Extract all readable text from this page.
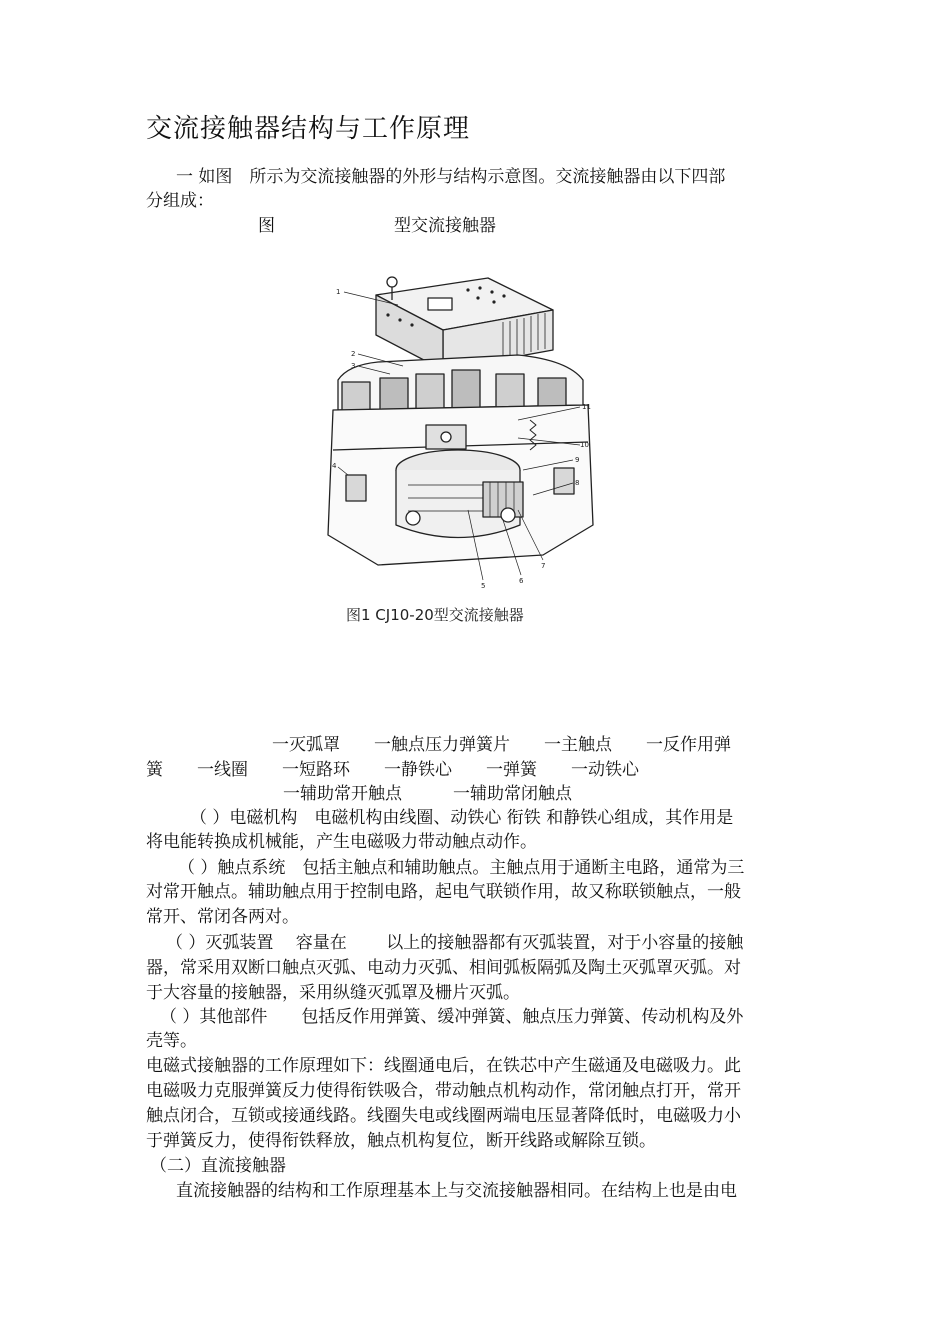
交流接触器结构与工作原理
一 如图　所示为交流接触器的外形与结构示意图。交流接触器由以下四部
分组成：
图	型交流接触器
1
2
3
4
5
6
7
8
9
10
11
图1 CJ10-20型交流接触器
一灭弧罩　　一触点压力弹簧片　　一主触点　　一反作用弹
簧　　一线圈　　一短路环　　一静铁心　　一弹簧　　一动铁心
一辅助常开触点　　　一辅助常闭触点
（ ）电磁机构　电磁机构由线圈、动铁心 衔铁 和静铁心组成，其作用是
将电能转换成机械能，产生电磁吸力带动触点动作。
（ ）触点系统　包括主触点和辅助触点。主触点用于通断主电路，通常为三
对常开触点。辅助触点用于控制电路，起电气联锁作用，故又称联锁触点，一般
常开、常闭各两对。
（ ）灭弧装置　 容量在　　 以上的接触器都有灭弧装置，对于小容量的接触
器，常采用双断口触点灭弧、电动力灭弧、相间弧板隔弧及陶土灭弧罩灭弧。对
于大容量的接触器，采用纵缝灭弧罩及栅片灭弧。
（ ）其他部件　　包括反作用弹簧、缓冲弹簧、触点压力弹簧、传动机构及外
壳等。
电磁式接触器的工作原理如下：线圈通电后，在铁芯中产生磁通及电磁吸力。此
电磁吸力克服弹簧反力使得衔铁吸合，带动触点机构动作，常闭触点打开，常开
触点闭合，互锁或接通线路。线圈失电或线圈两端电压显著降低时，电磁吸力小
于弹簧反力，使得衔铁释放，触点机构复位，断开线路或解除互锁。
（二）直流接触器
直流接触器的结构和工作原理基本上与交流接触器相同。在结构上也是由电
